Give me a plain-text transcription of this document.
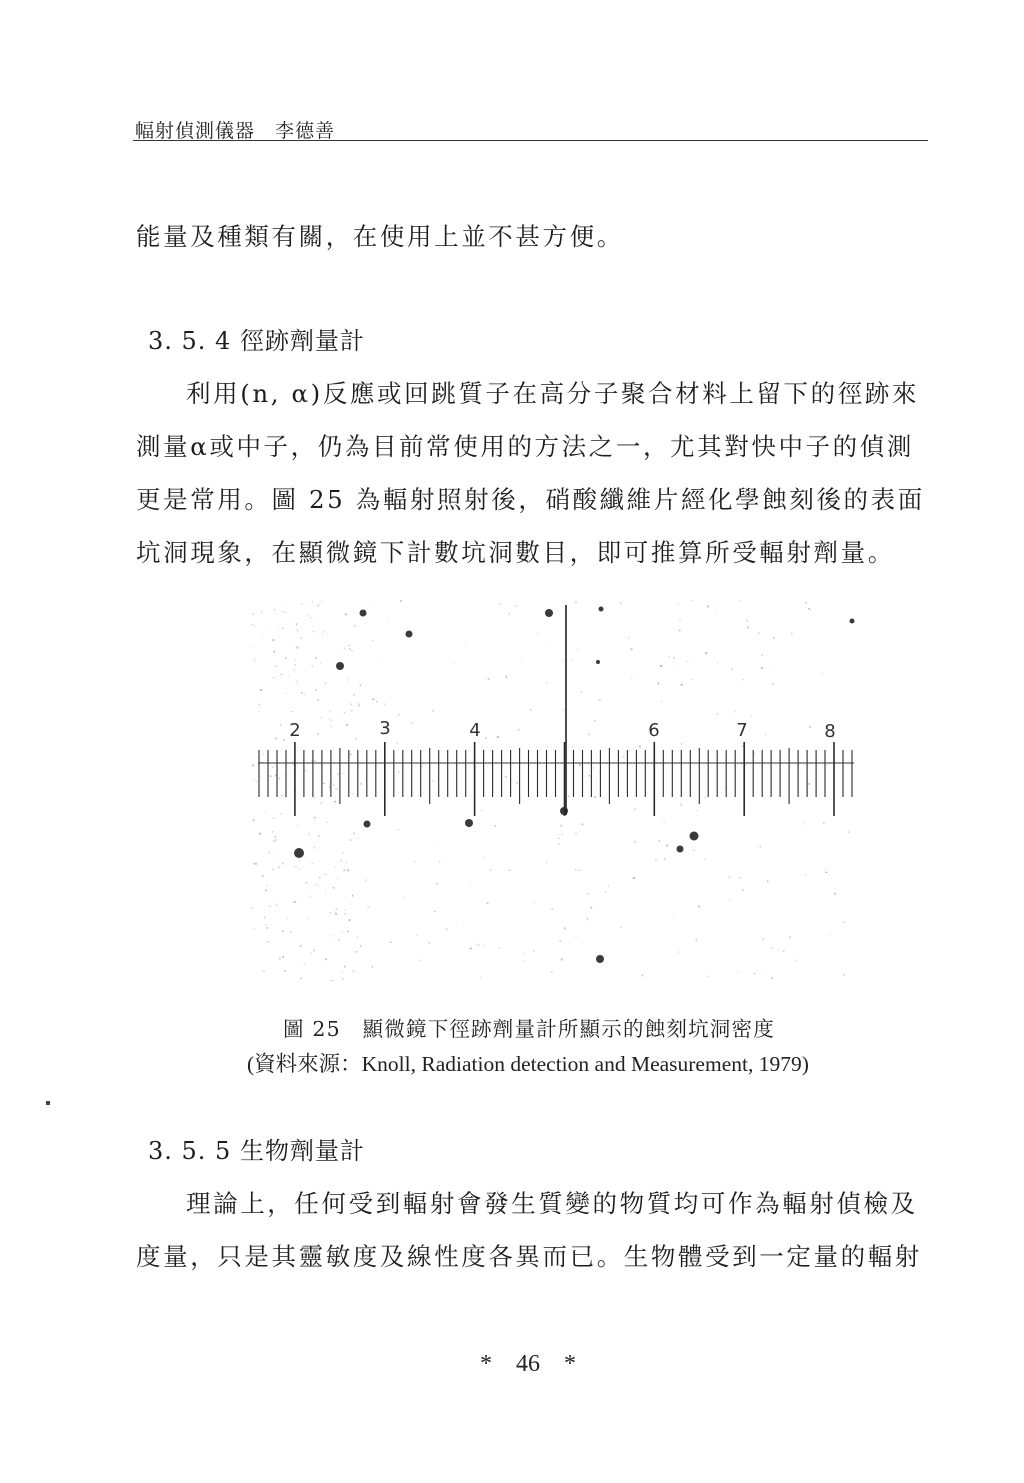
幅射偵測儀器　李德善
能量及種類有關，在使用上並不甚方便。
3. 5. 4 徑跡劑量計
利用(n, α)反應或回跳質子在高分子聚合材料上留下的徑跡來
測量α或中子，仍為目前常使用的方法之一，尤其對快中子的偵測
更是常用。圖 25 為輻射照射後，硝酸纖維片經化學蝕刻後的表面
坑洞現象，在顯微鏡下計數坑洞數目，即可推算所受輻射劑量。
2	3	4	6	7	8
圖 25　顯微鏡下徑跡劑量計所顯示的蝕刻坑洞密度
(資料來源：Knoll, Radiation detection and Measurement, 1979)
3. 5. 5 生物劑量計
理論上，任何受到輻射會發生質變的物質均可作為輻射偵檢及
度量，只是其靈敏度及線性度各異而已。生物體受到一定量的輻射
*　46　*
